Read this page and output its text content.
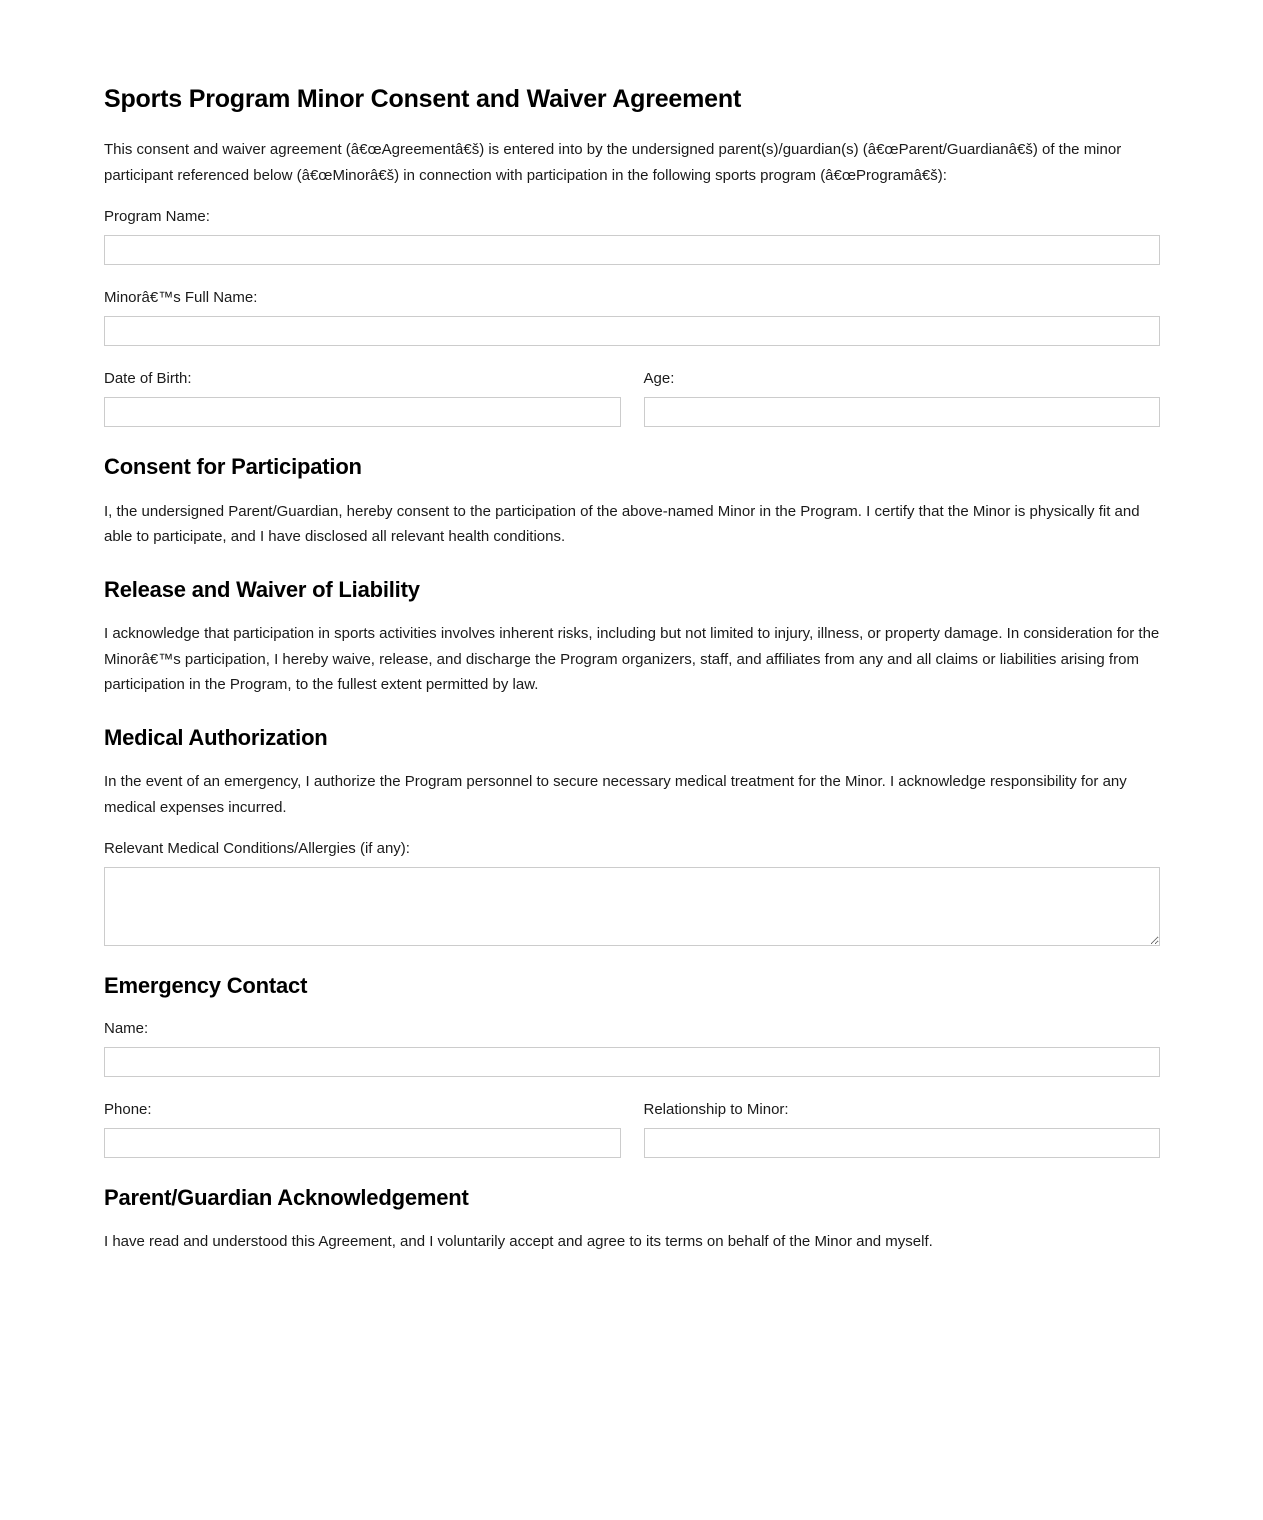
Sports Program Minor Consent and Waiver Agreement

This consent and waiver agreement (â€œAgreementâ€š) is entered into by the undersigned parent(s)/guardian(s) (â€œParent/Guardianâ€š) of the minor participant referenced below (â€œMinorâ€š) in connection with participation in the following sports program (â€œProgramâ€š):

Program Name:
Minorâ€™s Full Name:
Date of Birth:	Age:
Consent for Participation

I, the undersigned Parent/Guardian, hereby consent to the participation of the above-named Minor in the Program. I certify that the Minor is physically fit and able to participate, and I have disclosed all relevant health conditions.

Release and Waiver of Liability

I acknowledge that participation in sports activities involves inherent risks, including but not limited to injury, illness, or property damage. In consideration for the Minorâ€™s participation, I hereby waive, release, and discharge the Program organizers, staff, and affiliates from any and all claims or liabilities arising from participation in the Program, to the fullest extent permitted by law.

Medical Authorization

In the event of an emergency, I authorize the Program personnel to secure necessary medical treatment for the Minor. I acknowledge responsibility for any medical expenses incurred.

Relevant Medical Conditions/Allergies (if any):
Emergency Contact
Name:
Phone:	Relationship to Minor:
Parent/Guardian Acknowledgement

I have read and understood this Agreement, and I voluntarily accept and agree to its terms on behalf of the Minor and myself.
